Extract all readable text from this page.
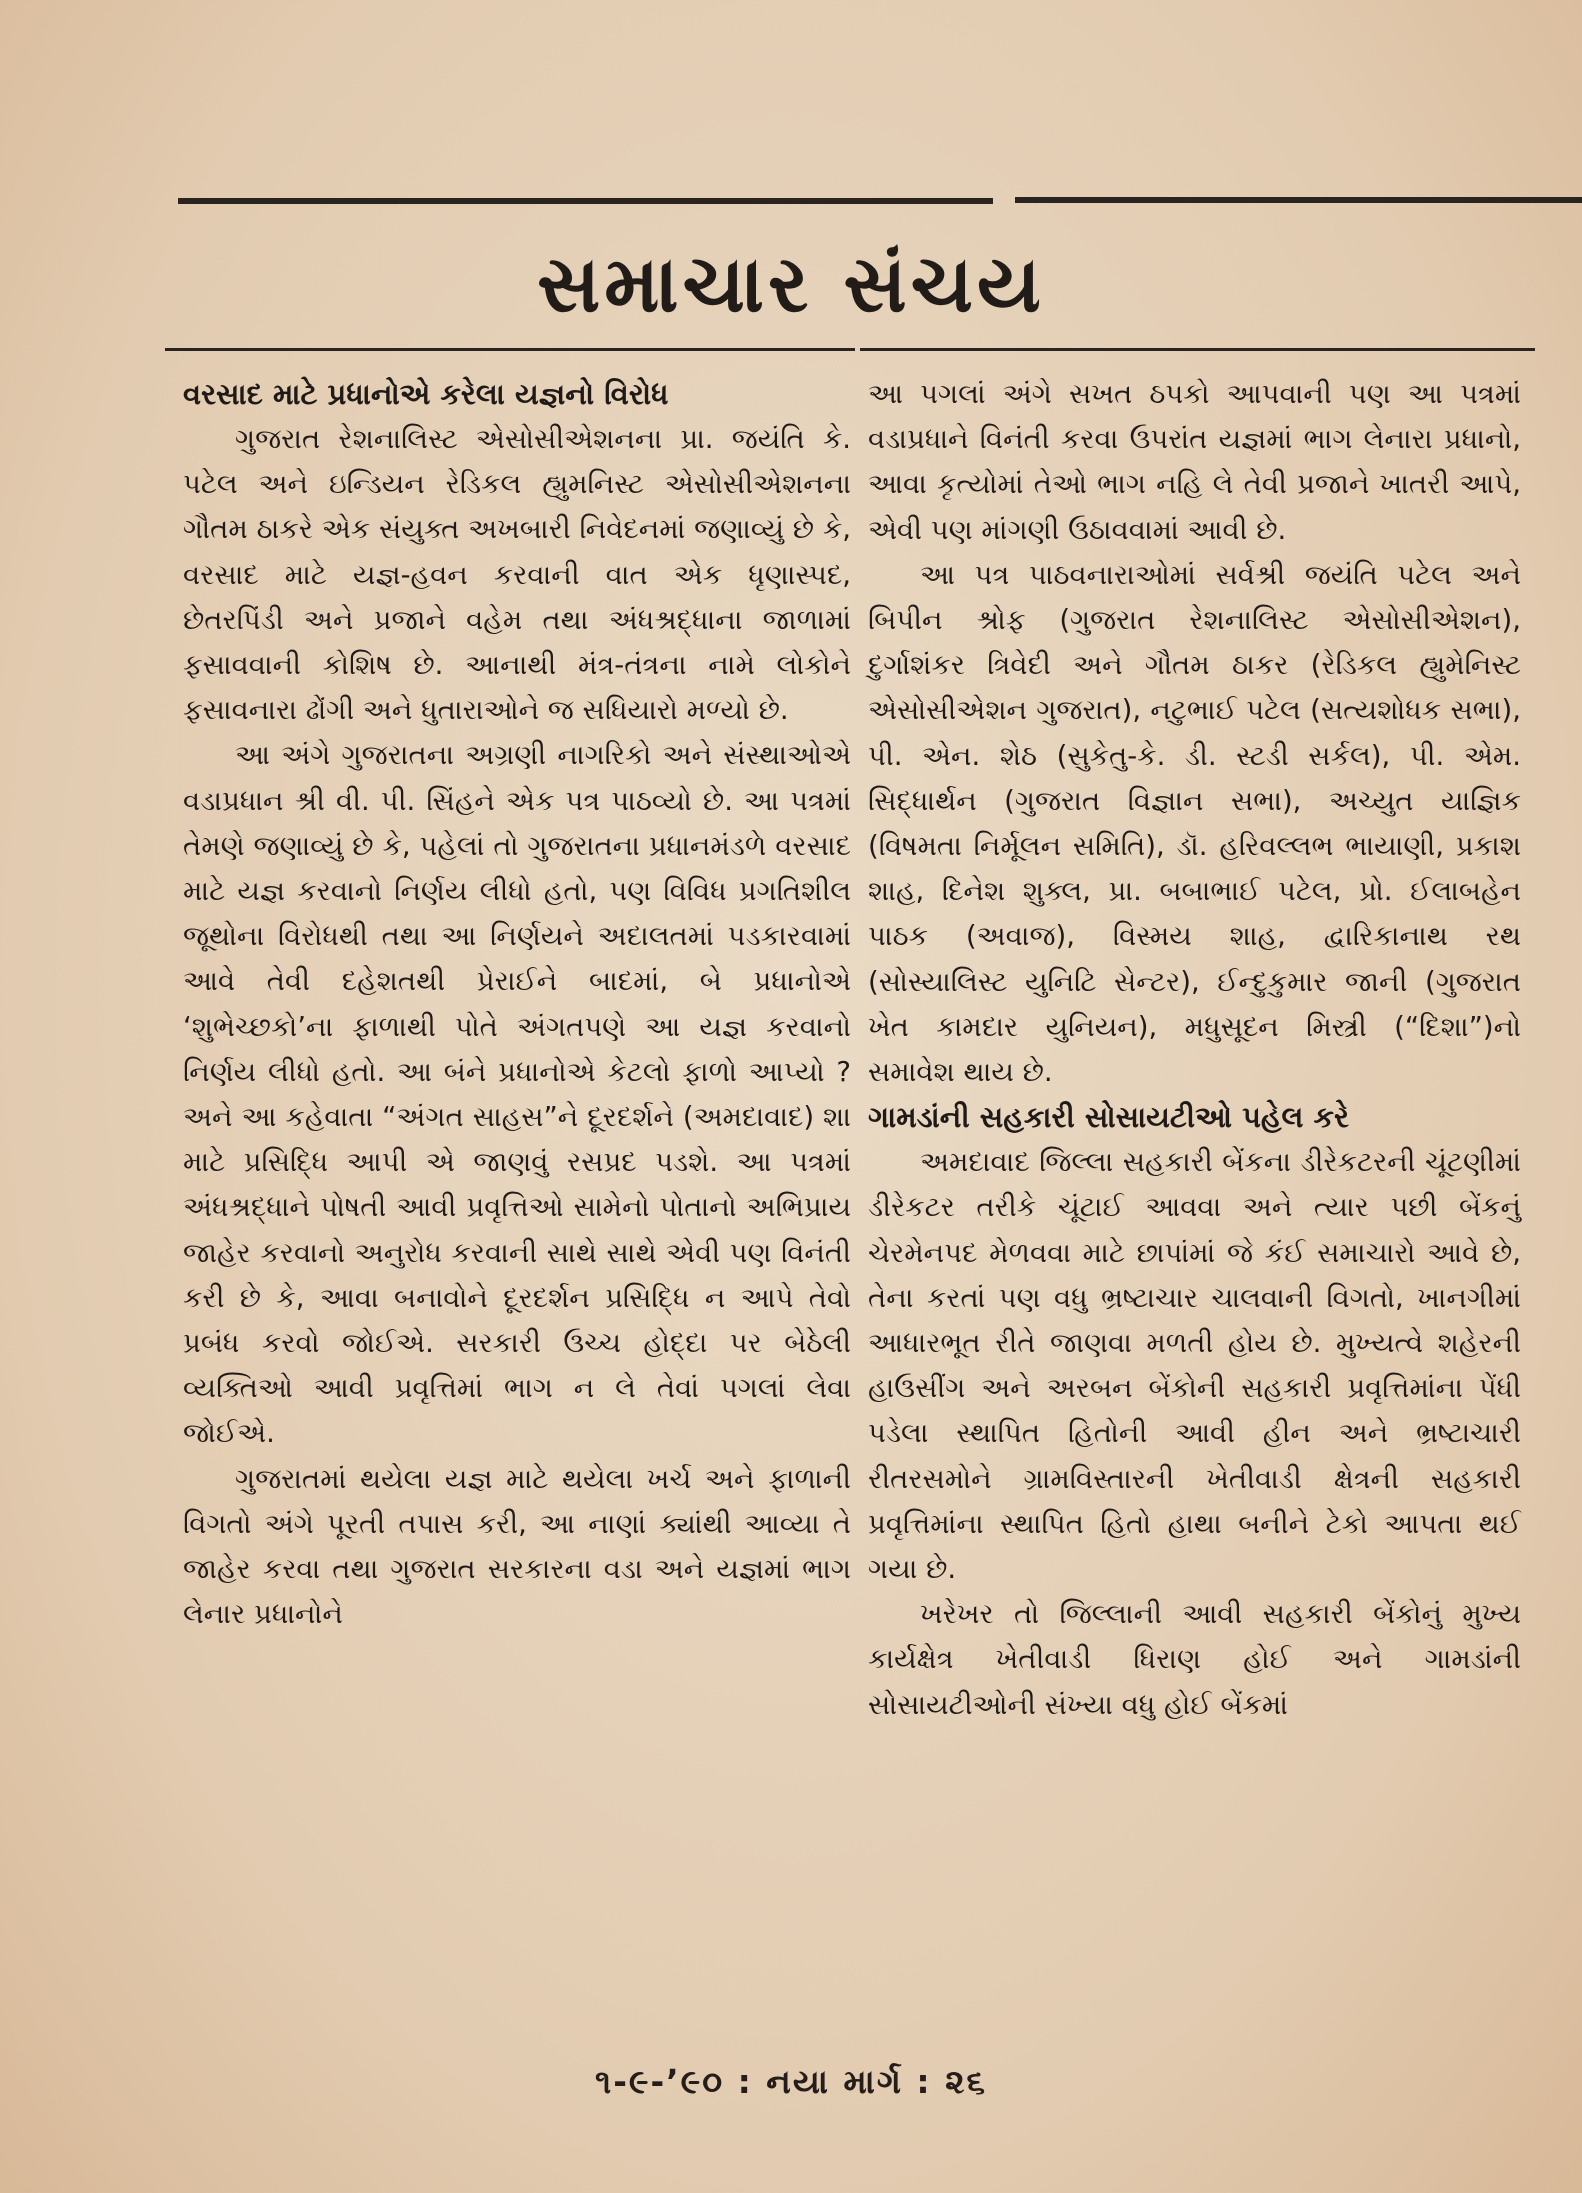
સમાચાર સંચય
વરસાદ માટે પ્રધાનોએ કરેલા યજ્ઞનો વિરોધ

ગુજરાત રેશનાલિસ્ટ એસોસીએશનના પ્રા. જયંતિ કે. પટેલ અને ઇન્ડિયન રેડિકલ હ્યુમનિસ્ટ એસોસીએશનના ગૌતમ ઠાકરે એક સંયુક્ત અખબારી નિવેદનમાં જણાવ્યું છે કે, વરસાદ માટે યજ્ઞ-હવન કરવાની વાત એક ધૃણાસ્પદ, છેતરપિંડી અને પ્રજાને વહેમ તથા અંધશ્રદ્ધાના જાળામાં ફસાવવાની કોશિષ છે. આનાથી મંત્ર-તંત્રના નામે લોકોને ફસાવનારા ઢોંગી અને ધુતારાઓને જ સધિયારો મળ્યો છે.

આ અંગે ગુજરાતના અગ્રણી નાગરિકો અને સંસ્થાઓએ વડાપ્રધાન શ્રી વી. પી. સિંહને એક પત્ર પાઠવ્યો છે. આ પત્રમાં તેમણે જણાવ્યું છે કે, પહેલાં તો ગુજરાતના પ્રધાનમંડળે વરસાદ માટે યજ્ઞ કરવાનો નિર્ણય લીધો હતો, પણ વિવિધ પ્રગતિશીલ જૂથોના વિરોધથી તથા આ નિર્ણયને અદાલતમાં પડકારવામાં આવે તેવી દહેશતથી પ્રેરાઈને બાદમાં, બે પ્રધાનોએ ‘શુભેચ્છકો’ના ફાળાથી પોતે અંગતપણે આ યજ્ઞ કરવાનો નિર્ણય લીધો હતો. આ બંને પ્રધાનોએ કેટલો ફાળો આપ્યો ? અને આ કહેવાતા “અંગત સાહસ”ને દૂરદર્શને (અમદાવાદ) શા માટે પ્રસિદ્ધિ આપી એ જાણવું રસપ્રદ પડશે. આ પત્રમાં અંધશ્રદ્ધાને પોષતી આવી પ્રવૃત્તિઓ સામેનો પોતાનો અભિપ્રાય જાહેર કરવાનો અનુરોધ કરવાની સાથે સાથે એવી પણ વિનંતી કરી છે કે, આવા બનાવોને દૂરદર્શન પ્રસિદ્ધિ ન આપે તેવો પ્રબંધ કરવો જોઈએ. સરકારી ઉચ્ચ હોદ્દા પર બેઠેલી વ્યક્તિઓ આવી પ્રવૃત્તિમાં ભાગ ન લે તેવાં પગલાં લેવા જોઈએ.

ગુજરાતમાં થયેલા યજ્ઞ માટે થયેલા ખર્ચ અને ફાળાની વિગતો અંગે પૂરતી તપાસ કરી, આ નાણાં ક્યાંથી આવ્યા તે જાહેર કરવા તથા ગુજરાત સરકારના વડા અને યજ્ઞમાં ભાગ લેનાર પ્રધાનોને

આ પગલાં અંગે સખત ઠપકો આપવાની પણ આ પત્રમાં વડાપ્રધાને વિનંતી કરવા ઉપરાંત યજ્ઞમાં ભાગ લેનારા પ્રધાનો, આવા કૃત્યોમાં તેઓ ભાગ નહિ લે તેવી પ્રજાને ખાતરી આપે, એવી પણ માંગણી ઉઠાવવામાં આવી છે.

આ પત્ર પાઠવનારાઓમાં સર્વશ્રી જયંતિ પટેલ અને બિપીન શ્રોફ (ગુજરાત રેશનાલિસ્ટ એસોસીએશન), દુર્ગાશંકર ત્રિવેદી અને ગૌતમ ઠાકર (રેડિકલ હ્યુમેનિસ્ટ એસોસીએશન ગુજરાત), નટુભાઈ પટેલ (સત્યશોધક સભા), પી. એન. શેઠ (સુકેતુ-કે. ડી. સ્ટડી સર્કલ), પી. એમ. સિદ્ધાર્થન (ગુજરાત વિજ્ઞાન સભા), અચ્યુત યાજ્ઞિક (વિષમતા નિર્મૂલન સમિતિ), ડૉ. હરિવલ્લભ ભાયાણી, પ્રકાશ શાહ, દિનેશ શુક્લ, પ્રા. બબાભાઈ પટેલ, પ્રો. ઈલાબહેન પાઠક (અવાજ), વિસ્મય શાહ, દ્વારિકાનાથ રથ (સોસ્યાલિસ્ટ યુનિટિ સેન્ટર), ઈન્દુકુમાર જાની (ગુજરાત ખેત કામદાર યુનિયન), મધુસૂદન મિસ્ત્રી (“દિશા”)નો સમાવેશ થાય છે.

ગામડાંની સહકારી સોસાયટીઓ પહેલ કરે

અમદાવાદ જિલ્લા સહકારી બેંકના ડીરેકટરની ચૂંટણીમાં ડીરેકટર તરીકે ચૂંટાઈ આવવા અને ત્યાર પછી બેંકનું ચેરમેનપદ મેળવવા માટે છાપાંમાં જે કંઈ સમાચારો આવે છે, તેના કરતાં પણ વધુ ભ્રષ્ટાચાર ચાલવાની વિગતો, ખાનગીમાં આધારભૂત રીતે જાણવા મળતી હોય છે. મુખ્યત્વે શહેરની હાઉસીંગ અને અરબન બેંકોની સહકારી પ્રવૃત્તિમાંના પેંધી પડેલા સ્થાપિત હિતોની આવી હીન અને ભ્રષ્ટાચારી રીતરસમોને ગ્રામવિસ્તારની ખેતીવાડી ક્ષેત્રની સહકારી પ્રવૃત્તિમાંના સ્થાપિત હિતો હાથા બનીને ટેકો આપતા થઈ ગયા છે.

ખરેખર તો જિલ્લાની આવી સહકારી બેંકોનું મુખ્ય કાર્યક્ષેત્ર ખેતીવાડી ધિરાણ હોઈ અને ગામડાંની સોસાયટીઓની સંખ્યા વધુ હોઈ બેંકમાં

૧-૯-’૯૦ : નયા માર્ગ : ૨૬
